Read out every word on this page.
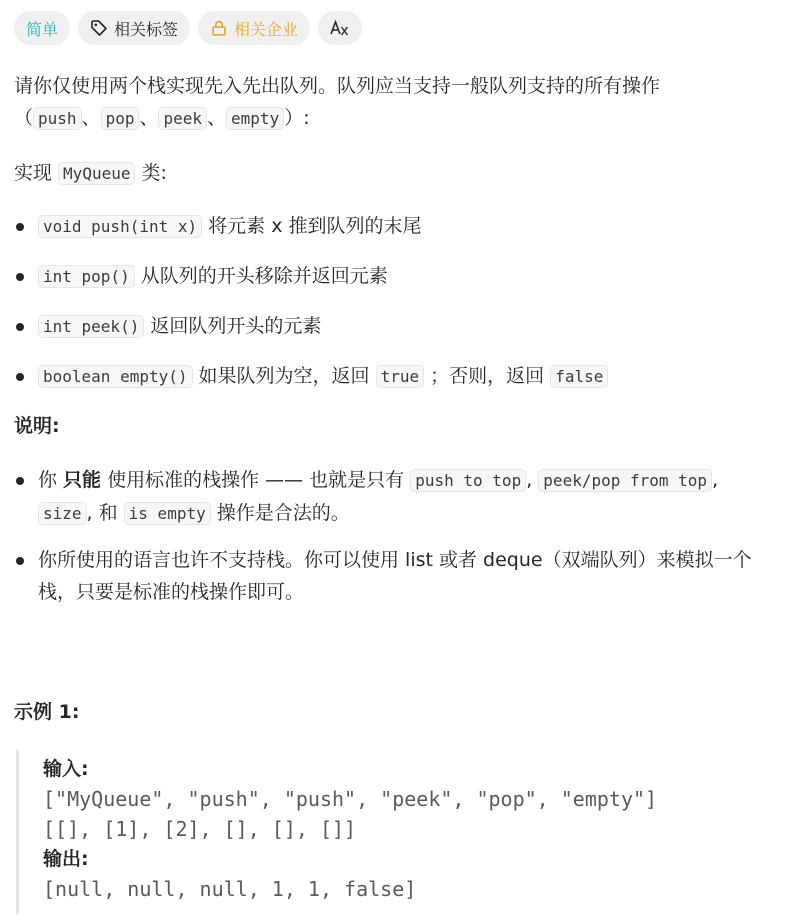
简单	相关标签	相关企业

请你仅使用两个栈实现先入先出队列。队列应当支持一般队列支持的所有操作
（ push 、 pop 、 peek 、 empty ）:

实现 MyQueue 类:

void push(int x) 将元素 x 推到队列的末尾
int pop() 从队列的开头移除并返回元素
int peek() 返回队列开头的元素
boolean empty() 如果队列为空，返回 true ；否则，返回 false

说明:

你 只能 使用标准的栈操作 —— 也就是只有 push to top , peek/pop from top , size , 和 is empty 操作是合法的。
你所使用的语言也许不支持栈。你可以使用 list 或者 deque（双端队列）来模拟一个栈，只要是标准的栈操作即可。

示例 1:

输入:
["MyQueue", "push", "push", "peek", "pop", "empty"]
[[], [1], [2], [], [], []]
输出:
[null, null, null, 1, 1, false]
